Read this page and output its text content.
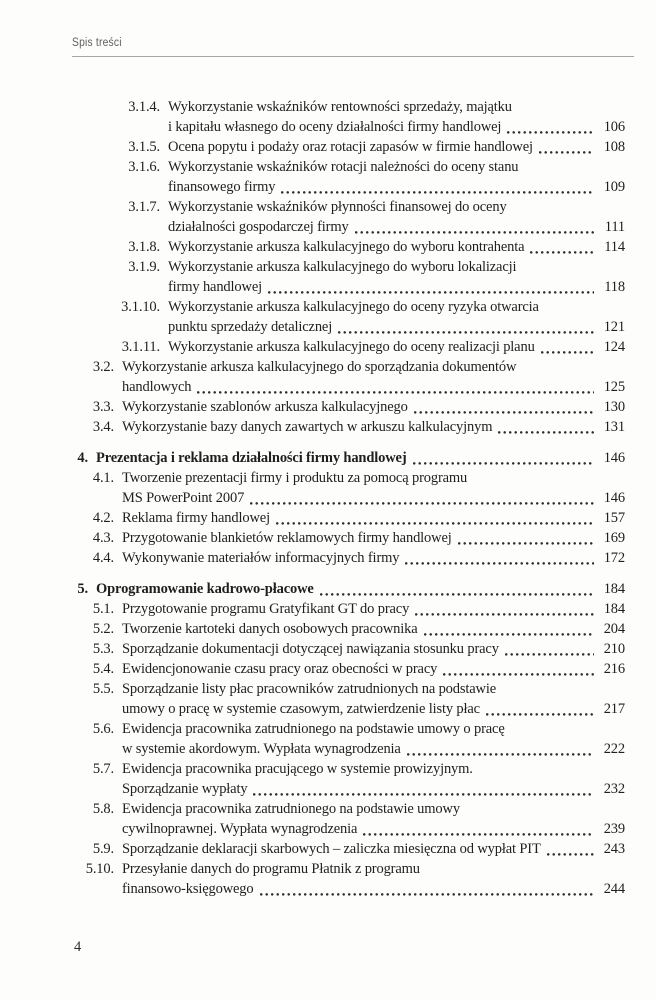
Spis treści
3.1.4. Wykorzystanie wskaźników rentowności sprzedaży, majątku
i kapitału własnego do oceny działalności firmy handlowej	106
3.1.5. Ocena popytu i podaży oraz rotacji zapasów w firmie handlowej	108
3.1.6. Wykorzystanie wskaźników rotacji należności do oceny stanu
finansowego firmy	109
3.1.7. Wykorzystanie wskaźników płynności finansowej do oceny
działalności gospodarczej firmy	111
3.1.8. Wykorzystanie arkusza kalkulacyjnego do wyboru kontrahenta	114
3.1.9. Wykorzystanie arkusza kalkulacyjnego do wyboru lokalizacji
firmy handlowej	118
3.1.10. Wykorzystanie arkusza kalkulacyjnego do oceny ryzyka otwarcia
punktu sprzedaży detalicznej	121
3.1.11. Wykorzystanie arkusza kalkulacyjnego do oceny realizacji planu	124
3.2. Wykorzystanie arkusza kalkulacyjnego do sporządzania dokumentów
handlowych	125
3.3. Wykorzystanie szablonów arkusza kalkulacyjnego	130
3.4. Wykorzystanie bazy danych zawartych w arkuszu kalkulacyjnym	131
4. Prezentacja i reklama działalności firmy handlowej	146
4.1. Tworzenie prezentacji firmy i produktu za pomocą programu
MS PowerPoint 2007	146
4.2. Reklama firmy handlowej	157
4.3. Przygotowanie blankietów reklamowych firmy handlowej	169
4.4. Wykonywanie materiałów informacyjnych firmy	172
5. Oprogramowanie kadrowo-płacowe	184
5.1. Przygotowanie programu Gratyfikant GT do pracy	184
5.2. Tworzenie kartoteki danych osobowych pracownika	204
5.3. Sporządzanie dokumentacji dotyczącej nawiązania stosunku pracy	210
5.4. Ewidencjonowanie czasu pracy oraz obecności w pracy	216
5.5. Sporządzanie listy płac pracowników zatrudnionych na podstawie
umowy o pracę w systemie czasowym, zatwierdzenie listy płac	217
5.6. Ewidencja pracownika zatrudnionego na podstawie umowy o pracę
w systemie akordowym. Wypłata wynagrodzenia	222
5.7. Ewidencja pracownika pracującego w systemie prowizyjnym.
Sporządzanie wypłaty	232
5.8. Ewidencja pracownika zatrudnionego na podstawie umowy
cywilnoprawnej. Wypłata wynagrodzenia	239
5.9. Sporządzanie deklaracji skarbowych – zaliczka miesięczna od wypłat PIT	243
5.10. Przesyłanie danych do programu Płatnik z programu
finansowo-księgowego	244
4
